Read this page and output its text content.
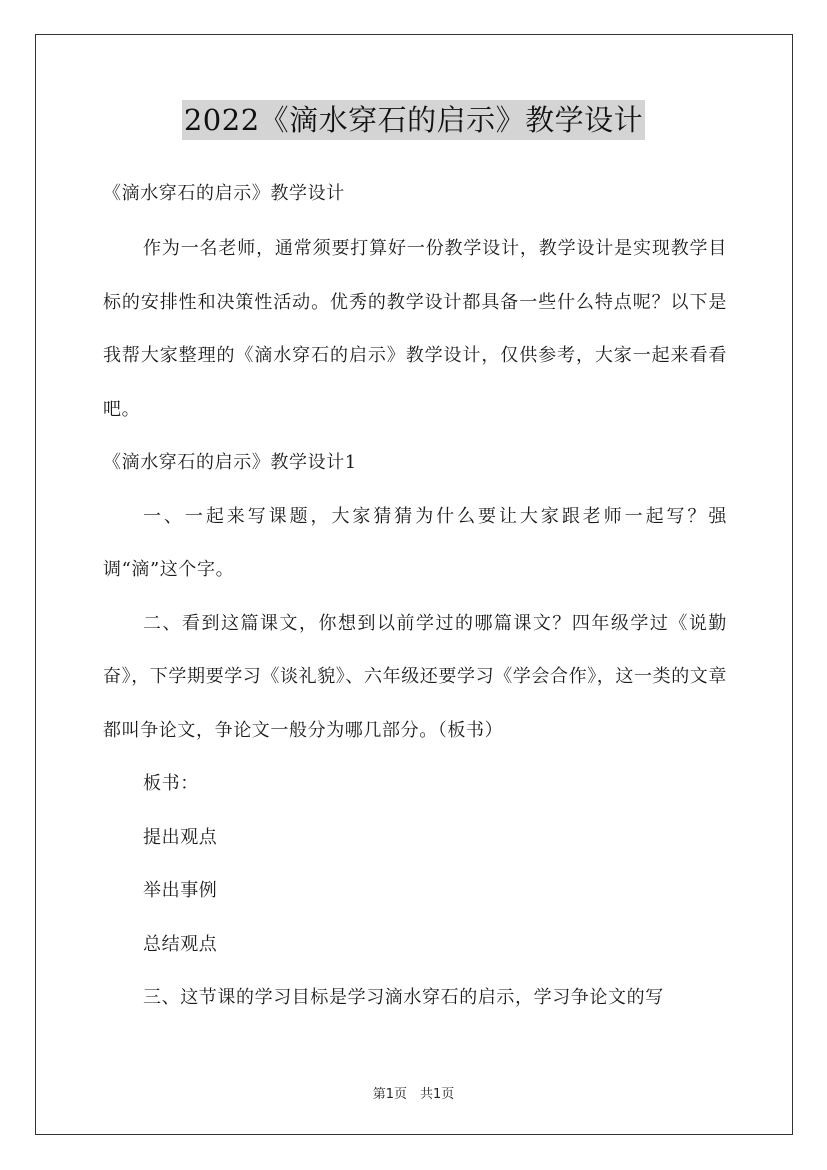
2022《滴水穿石的启示》教学设计

《滴水穿石的启示》教学设计

作为一名老师，通常须要打算好一份教学设计，教学设计是实现教学目标的安排性和决策性活动。优秀的教学设计都具备一些什么特点呢？以下是我帮大家整理的《滴水穿石的启示》教学设计，仅供参考，大家一起来看看吧。

《滴水穿石的启示》教学设计1

一、一起来写课题，大家猜猜为什么要让大家跟老师一起写？强调“滴”这个字。

二、看到这篇课文，你想到以前学过的哪篇课文？四年级学过《说勤奋》，下学期要学习《谈礼貌》、六年级还要学习《学会合作》，这一类的文章都叫争论文，争论文一般分为哪几部分。（板书）

板书：

提出观点

举出事例

总结观点

三、这节课的学习目标是学习滴水穿石的启示，学习争论文的写

第1页　共1页
